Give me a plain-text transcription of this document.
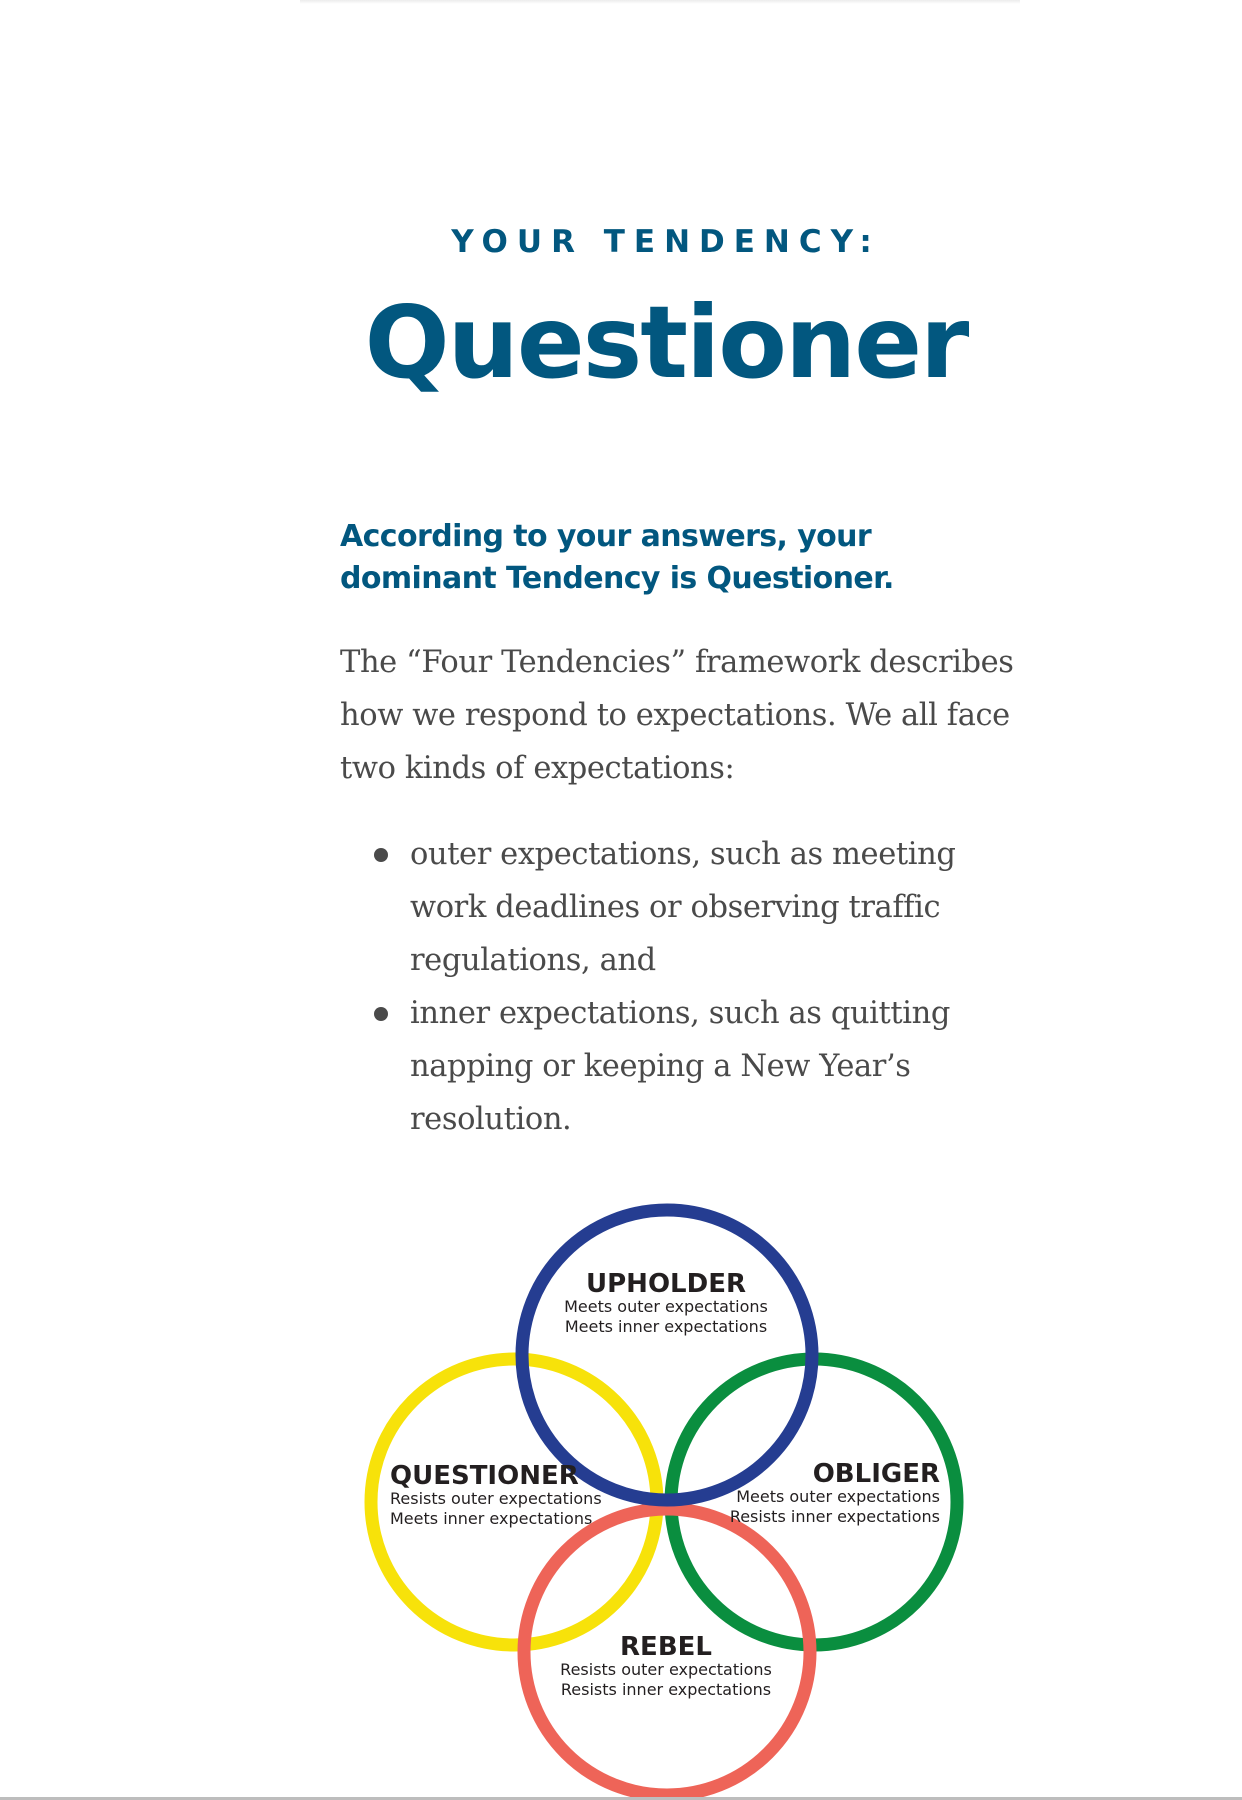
YOUR TENDENCY:
Questioner

According to your answers, your dominant Tendency is Questioner.

The “Four Tendencies” framework describes how we respond to expectations. We all face two kinds of expectations:

outer expectations, such as meeting work deadlines or observing traffic regulations, and
inner expectations, such as quitting napping or keeping a New Year’s resolution.
UPHOLDER
Meets outer expectations
Meets inner expectations
QUESTIONER
Resists outer expectations
Meets inner expectations
OBLIGER
Meets outer expectations
Resists inner expectations
REBEL
Resists outer expectations
Resists inner expectations
